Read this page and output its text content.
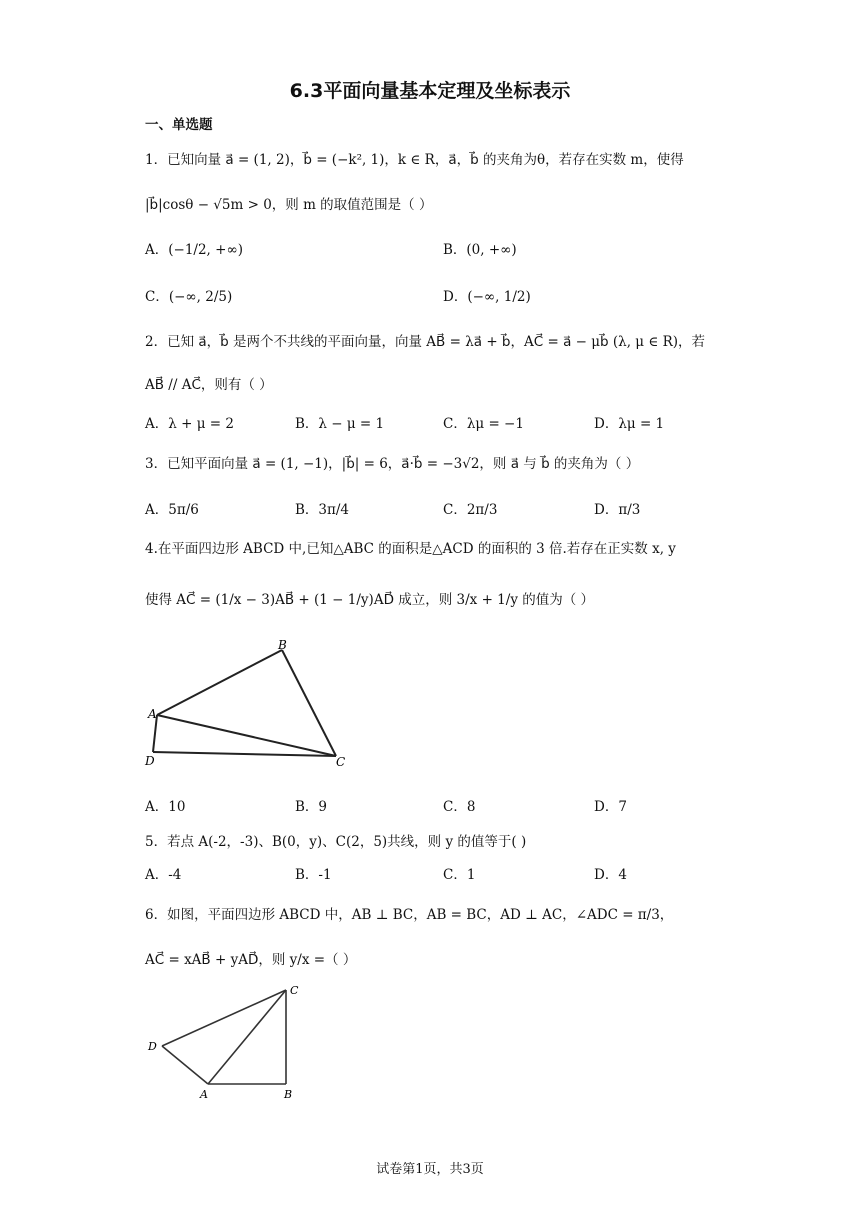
6.3平面向量基本定理及坐标表示
一、单选题
1．已知向量 a⃗ = (1, 2)，b⃗ = (−k², 1)，k ∈ R，a⃗，b⃗ 的夹角为θ，若存在实数 m，使得
|b⃗|cosθ − √5m > 0，则 m 的取值范围是（ ）
A．(−1/2, +∞)	B．(0, +∞)
C．(−∞, 2/5)	D．(−∞, 1/2)
2．已知 a⃗，b⃗ 是两个不共线的平面向量，向量 AB⃗ = λa⃗ + b⃗，AC⃗ = a⃗ − μb⃗ (λ, μ ∈ R)，若
AB⃗ // AC⃗，则有（ ）
A．λ + μ = 2	B．λ − μ = 1	C．λμ = −1	D．λμ = 1
3．已知平面向量 a⃗ = (1, −1)，|b⃗| = 6，a⃗·b⃗ = −3√2，则 a⃗ 与 b⃗ 的夹角为（ ）
A．5π/6	B．3π/4	C．2π/3	D．π/3
4.在平面四边形 ABCD 中,已知△ABC 的面积是△ACD 的面积的 3 倍.若存在正实数 x, y
使得 AC⃗ = (1/x − 3)AB⃗ + (1 − 1/y)AD⃗ 成立，则 3/x + 1/y 的值为（ ）
A
B
C
D
A．10	B．9	C．8	D．7
5．若点 A(-2，-3)、B(0，y)、C(2，5)共线，则 y 的值等于( )
A．-4	B．-1	C．1	D．4
6．如图，平面四边形 ABCD 中，AB ⊥ BC，AB = BC，AD ⊥ AC，∠ADC = π/3，
AC⃗ = xAB⃗ + yAD⃗，则 y/x =（ ）
C
D
A	B
试卷第1页，共3页
